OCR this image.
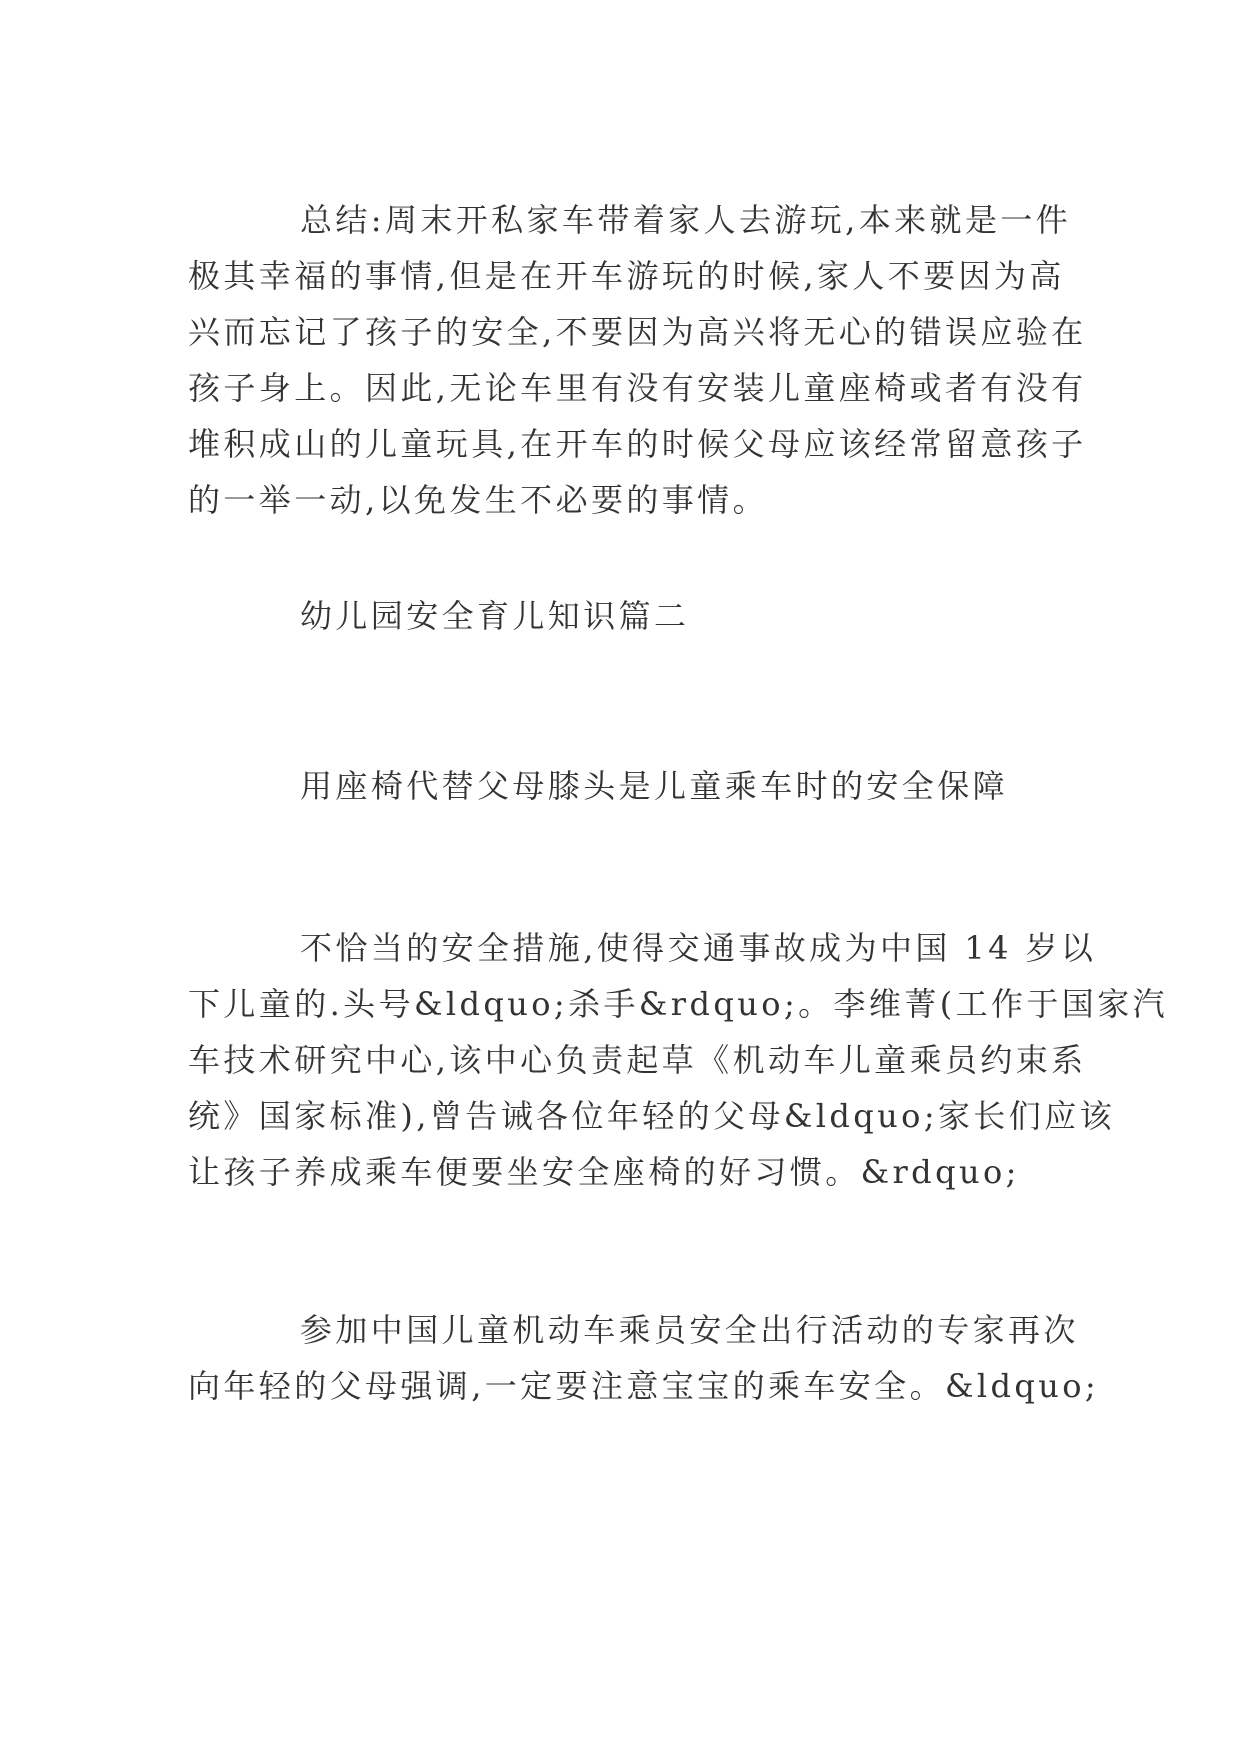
总结:周末开私家车带着家人去游玩,本来就是一件
极其幸福的事情,但是在开车游玩的时候,家人不要因为高
兴而忘记了孩子的安全,不要因为高兴将无心的错误应验在
孩子身上。因此,无论车里有没有安装儿童座椅或者有没有
堆积成山的儿童玩具,在开车的时候父母应该经常留意孩子
的一举一动,以免发生不必要的事情。
幼儿园安全育儿知识篇二
用座椅代替父母膝头是儿童乘车时的安全保障
不恰当的安全措施,使得交通事故成为中国 14 岁以
下儿童的.头号&ldquo;杀手&rdquo;。李维菁(工作于国家汽
车技术研究中心,该中心负责起草《机动车儿童乘员约束系
统》国家标准),曾告诫各位年轻的父母&ldquo;家长们应该
让孩子养成乘车便要坐安全座椅的好习惯。&rdquo;
参加中国儿童机动车乘员安全出行活动的专家再次
向年轻的父母强调,一定要注意宝宝的乘车安全。&ldquo;
